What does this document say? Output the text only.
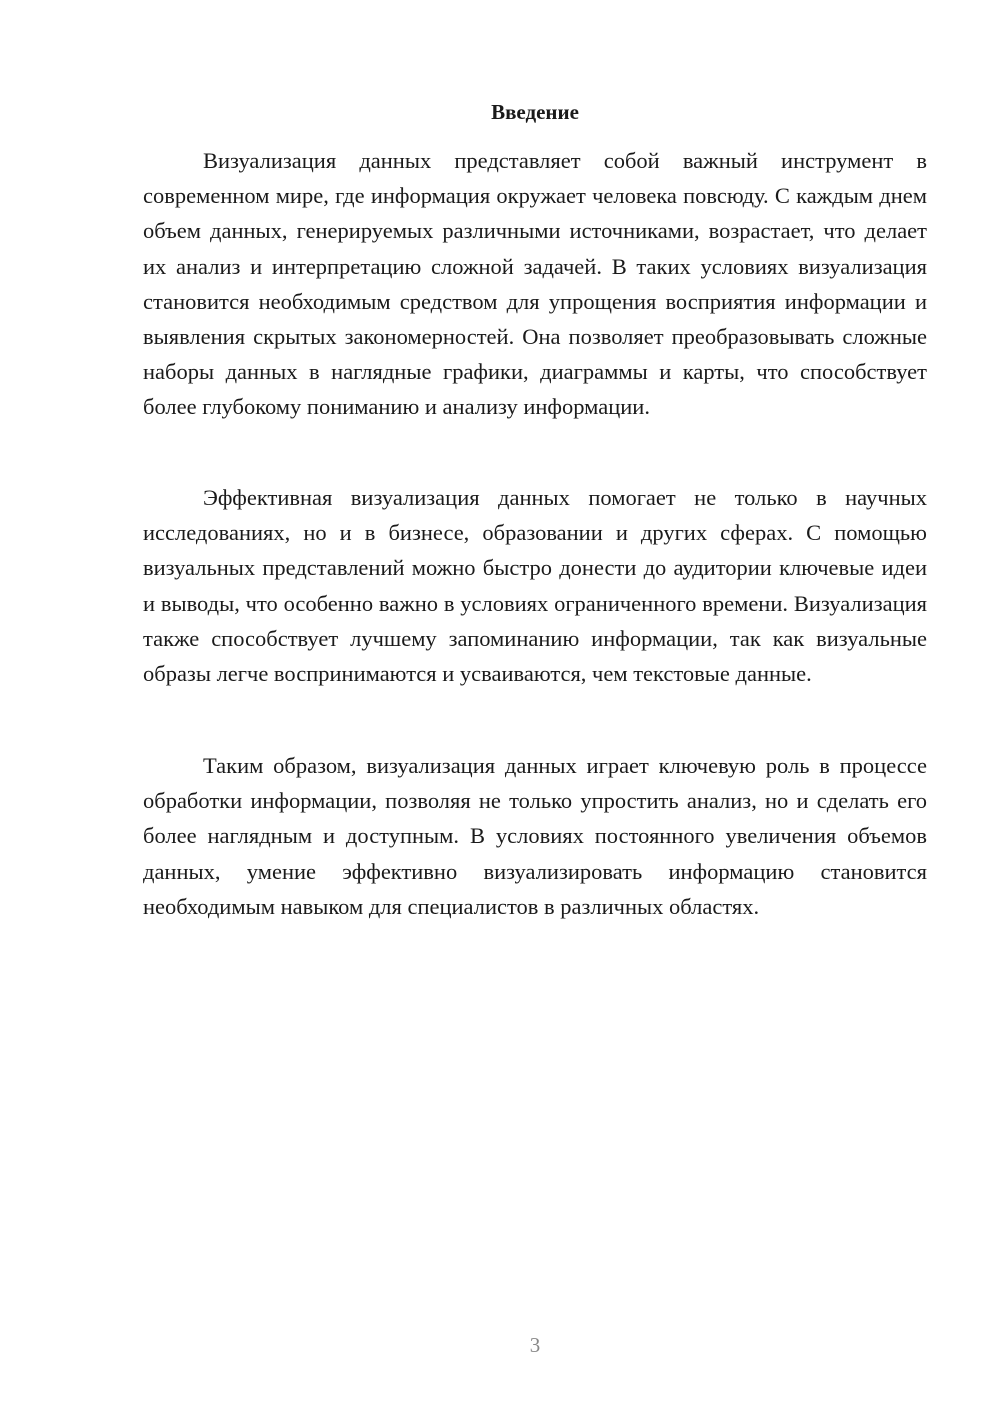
Введение

Визуализация данных представляет собой важный инструмент в современном мире, где информация окружает человека повсюду. С каждым днем объем данных, генерируемых различными источниками, возрастает, что делает их анализ и интерпретацию сложной задачей. В таких условиях визуализация становится необходимым средством для упрощения восприятия информации и выявления скрытых закономерностей. Она позволяет преобразовывать сложные наборы данных в наглядные графики, диаграммы и карты, что способствует более глубокому пониманию и анализу информации.

Эффективная визуализация данных помогает не только в научных исследованиях, но и в бизнесе, образовании и других сферах. С помощью визуальных представлений можно быстро донести до аудитории ключевые идеи и выводы, что особенно важно в условиях ограниченного времени. Визуализация также способствует лучшему запоминанию информации, так как визуальные образы легче воспринимаются и усваиваются, чем текстовые данные.

Таким образом, визуализация данных играет ключевую роль в процессе обработки информации, позволяя не только упростить анализ, но и сделать его более наглядным и доступным. В условиях постоянного увеличения объемов данных, умение эффективно визуализировать информацию становится необходимым навыком для специалистов в различных областях.

3
